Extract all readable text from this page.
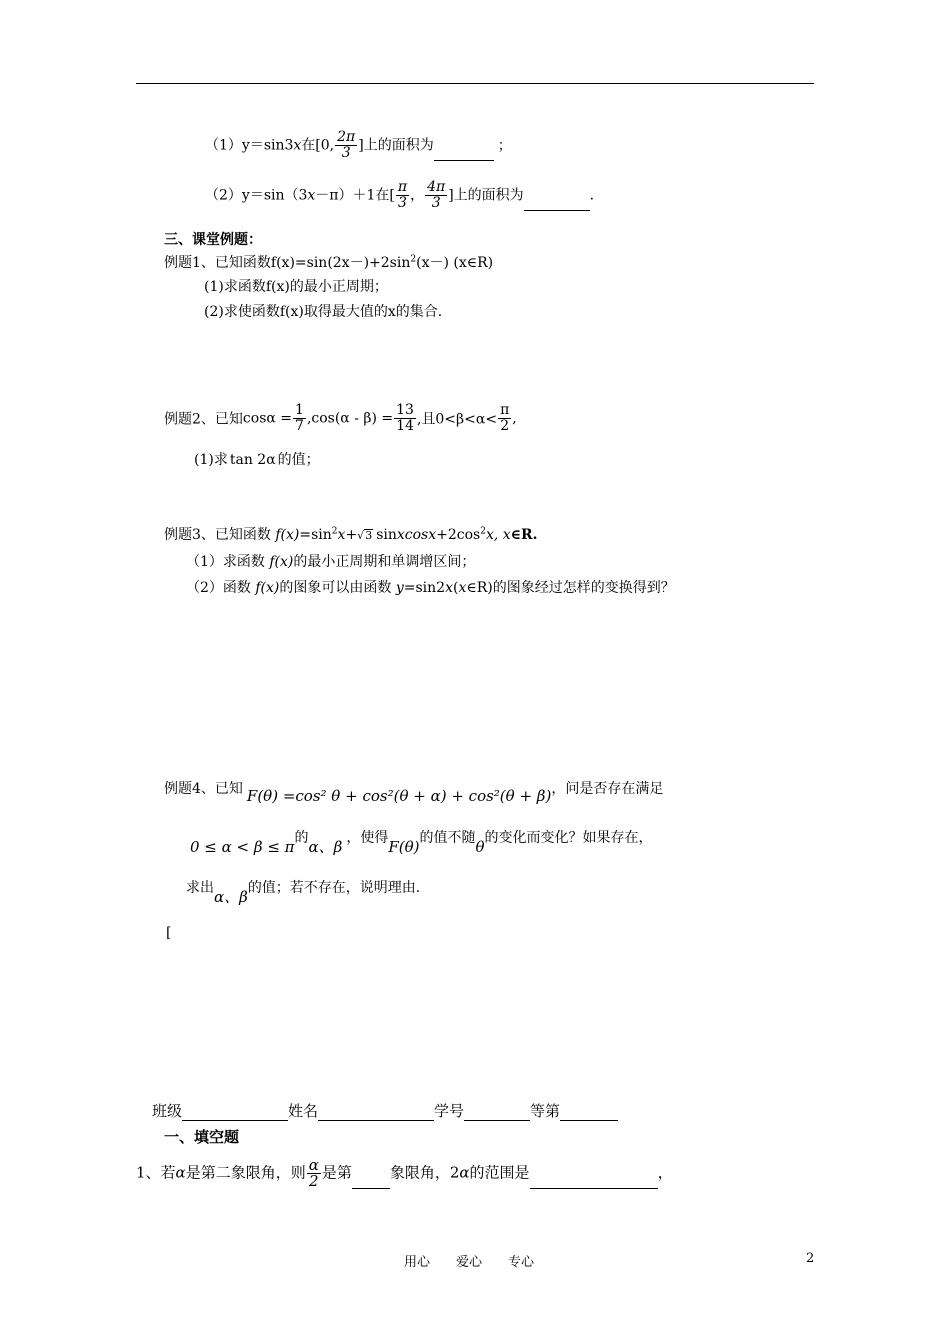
（1）y＝sin3x在[0, $\frac{2\pi}{3}$ ]上的面积为	；
（2）y＝sin（3x－π）＋1在[ $\frac{\pi}{3}$ ， $\frac{4\pi}{3}$ ]上的面积为	.
三、课堂例题：
例题1、已知函数$f(x)=\sin(2x-)+2\sin^2(x-)$ (x∈R)
(1)求函数f(x)的最小正周期；
(2)求使函数f(x)取得最大值的x的集合.
例题2、已知$\cos\alpha = \frac{1}{7} ,\cos(\alpha - \beta) = \frac{13}{14}$ ,且$0<\beta<\alpha< \frac{\pi}{2}$ ,
(1)求 tan 2α 的值；
例题3、已知函数 $f(x)=\sin^2x+√3$ $sinxcosx+2\cos^2x$, x∈R.
（1）求函数 f(x)的最小正周期和单调增区间；
（2）函数 f(x)的图象可以由函数 y=sin2x(x∈R)的图象经过怎样的变换得到？
例题4、已知 F(θ) =cos² θ + cos²(θ + α) + cos²(θ + β)，问是否存在满足
0 ≤ α < β ≤ π的α、β ，使得F(θ)的值不随θ的变化而变化？如果存在，
求出α、β的值；若不存在，说明理由.
[
班级	姓名	学号	等第
一、填空题
1、若α是第二象限角，则 $\frac{\alpha}{2}$ 是第	象限角，2α的范围是	，
用心　　爱心　　专心	2
